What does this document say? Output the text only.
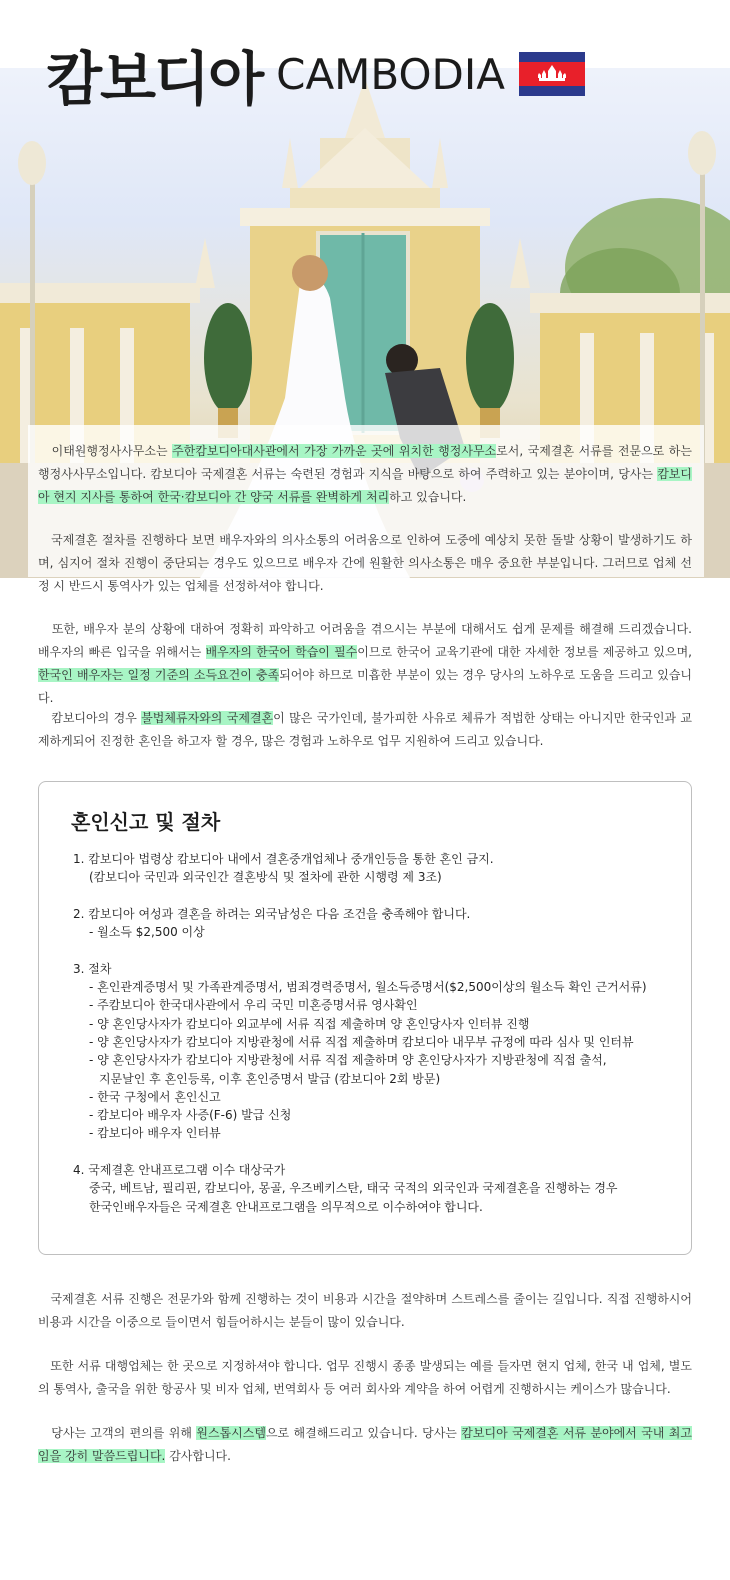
캄보디아 CAMBODIA

이태원행정사사무소는 주한캄보디아대사관에서 가장 가까운 곳에 위치한 행정사무소로서, 국제결혼 서류를 전문으로 하는 행정사사무소입니다. 캄보디아 국제결혼 서류는 숙련된 경험과 지식을 바탕으로 하여 주력하고 있는 분야이며, 당사는 캄보디아 현지 지사를 통하여 한국·캄보디아 간 양국 서류를 완벽하게 처리하고 있습니다.

국제결혼 절차를 진행하다 보면 배우자와의 의사소통의 어려움으로 인하여 도중에 예상치 못한 돌발 상황이 발생하기도 하며, 심지어 절차 진행이 중단되는 경우도 있으므로 배우자 간에 원활한 의사소통은 매우 중요한 부분입니다. 그러므로 업체 선정 시 반드시 통역사가 있는 업체를 선정하셔야 합니다.

또한, 배우자 분의 상황에 대하여 정확히 파악하고 어려움을 겪으시는 부분에 대해서도 쉽게 문제를 해결해 드리겠습니다. 배우자의 빠른 입국을 위해서는 배우자의 한국어 학습이 필수이므로 한국어 교육기관에 대한 자세한 정보를 제공하고 있으며, 한국인 배우자는 일정 기준의 소득요건이 충족되어야 하므로 미흡한 부분이 있는 경우 당사의 노하우로 도움을 드리고 있습니다.

캄보디아의 경우 불법체류자와의 국제결혼이 많은 국가인데, 불가피한 사유로 체류가 적법한 상태는 아니지만 한국인과 교제하게되어 진정한 혼인을 하고자 할 경우, 많은 경험과 노하우로 업무 지원하여 드리고 있습니다.

혼인신고 및 절차
1. 캄보디아 법령상 캄보디아 내에서 결혼중개업체나 중개인등을 통한 혼인 금지.
(캄보디아 국민과 외국인간 결혼방식 및 절차에 관한 시행령 제 3조)
2. 캄보디아 여성과 결혼을 하려는 외국남성은 다음 조건을 충족해야 합니다.
- 월소득 $2,500 이상
3. 절차
- 혼인관계증명서 및 가족관계증명서, 범죄경력증명서, 월소득증명서($2,500이상의 월소득 확인 근거서류)
- 주캄보디아 한국대사관에서 우리 국민 미혼증명서류 영사확인
- 양 혼인당사자가 캄보디아 외교부에 서류 직접 제출하며 양 혼인당사자 인터뷰 진행
- 양 혼인당사자가 캄보디아 지방관청에 서류 직접 제출하며 캄보디아 내무부 규정에 따라 심사 및 인터뷰
- 양 혼인당사자가 캄보디아 지방관청에 서류 직접 제출하며 양 혼인당사자가 지방관청에 직접 출석,
지문날인 후 혼인등록, 이후 혼인증명서 발급 (캄보디아 2회 방문)
- 한국 구청에서 혼인신고
- 캄보디아 배우자 사증(F-6) 발급 신청
- 캄보디아 배우자 인터뷰
4. 국제결혼 안내프로그램 이수 대상국가
중국, 베트남, 필리핀, 캄보디아, 몽골, 우즈베키스탄, 태국 국적의 외국인과 국제결혼을 진행하는 경우
한국인배우자들은 국제결혼 안내프로그램을 의무적으로 이수하여야 합니다.

국제결혼 서류 진행은 전문가와 함께 진행하는 것이 비용과 시간을 절약하며 스트레스를 줄이는 길입니다. 직접 진행하시어 비용과 시간을 이중으로 들이면서 힘들어하시는 분들이 많이 있습니다.

또한 서류 대행업체는 한 곳으로 지정하셔야 합니다. 업무 진행시 종종 발생되는 예를 들자면 현지 업체, 한국 내 업체, 별도의 통역사, 출국을 위한 항공사 및 비자 업체, 번역회사 등 여러 회사와 계약을 하여 어렵게 진행하시는 케이스가 많습니다.

당사는 고객의 편의를 위해 원스톱시스템으로 해결해드리고 있습니다. 당사는 캄보디아 국제결혼 서류 분야에서 국내 최고임을 강히 말씀드립니다. 감사합니다.
